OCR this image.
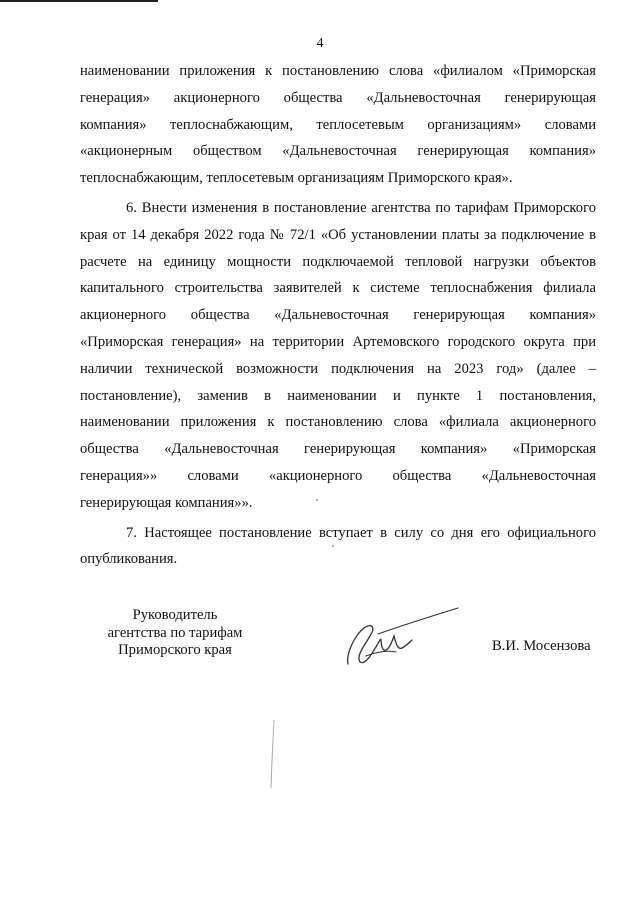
4
наименовании приложения к постановлению слова «филиалом «Приморская
генерация» акционерного общества «Дальневосточная генерирующая
компания» теплоснабжающим, теплосетевым организациям» словами
«акционерным обществом «Дальневосточная генерирующая компания»
теплоснабжающим, теплосетевым организациям Приморского края».
6. Внести изменения в постановление агентства по тарифам Приморского
края от 14 декабря 2022 года № 72/1 «Об установлении платы за подключение в
расчете на единицу мощности подключаемой тепловой нагрузки объектов
капитального строительства заявителей к системе теплоснабжения филиала
акционерного общества «Дальневосточная генерирующая компания»
«Приморская генерация» на территории Артемовского городского округа при
наличии технической возможности подключения на 2023 год» (далее –
постановление), заменив в наименовании и пункте 1 постановления,
наименовании приложения к постановлению слова «филиала акционерного
общества «Дальневосточная генерирующая компания» «Приморская
генерация»» словами «акционерного общества «Дальневосточная
генерирующая компания»».
7. Настоящее постановление вступает в силу со дня его официального
опубликования.
Руководитель
агентства по тарифам
Приморского края	В.И. Мосензова
